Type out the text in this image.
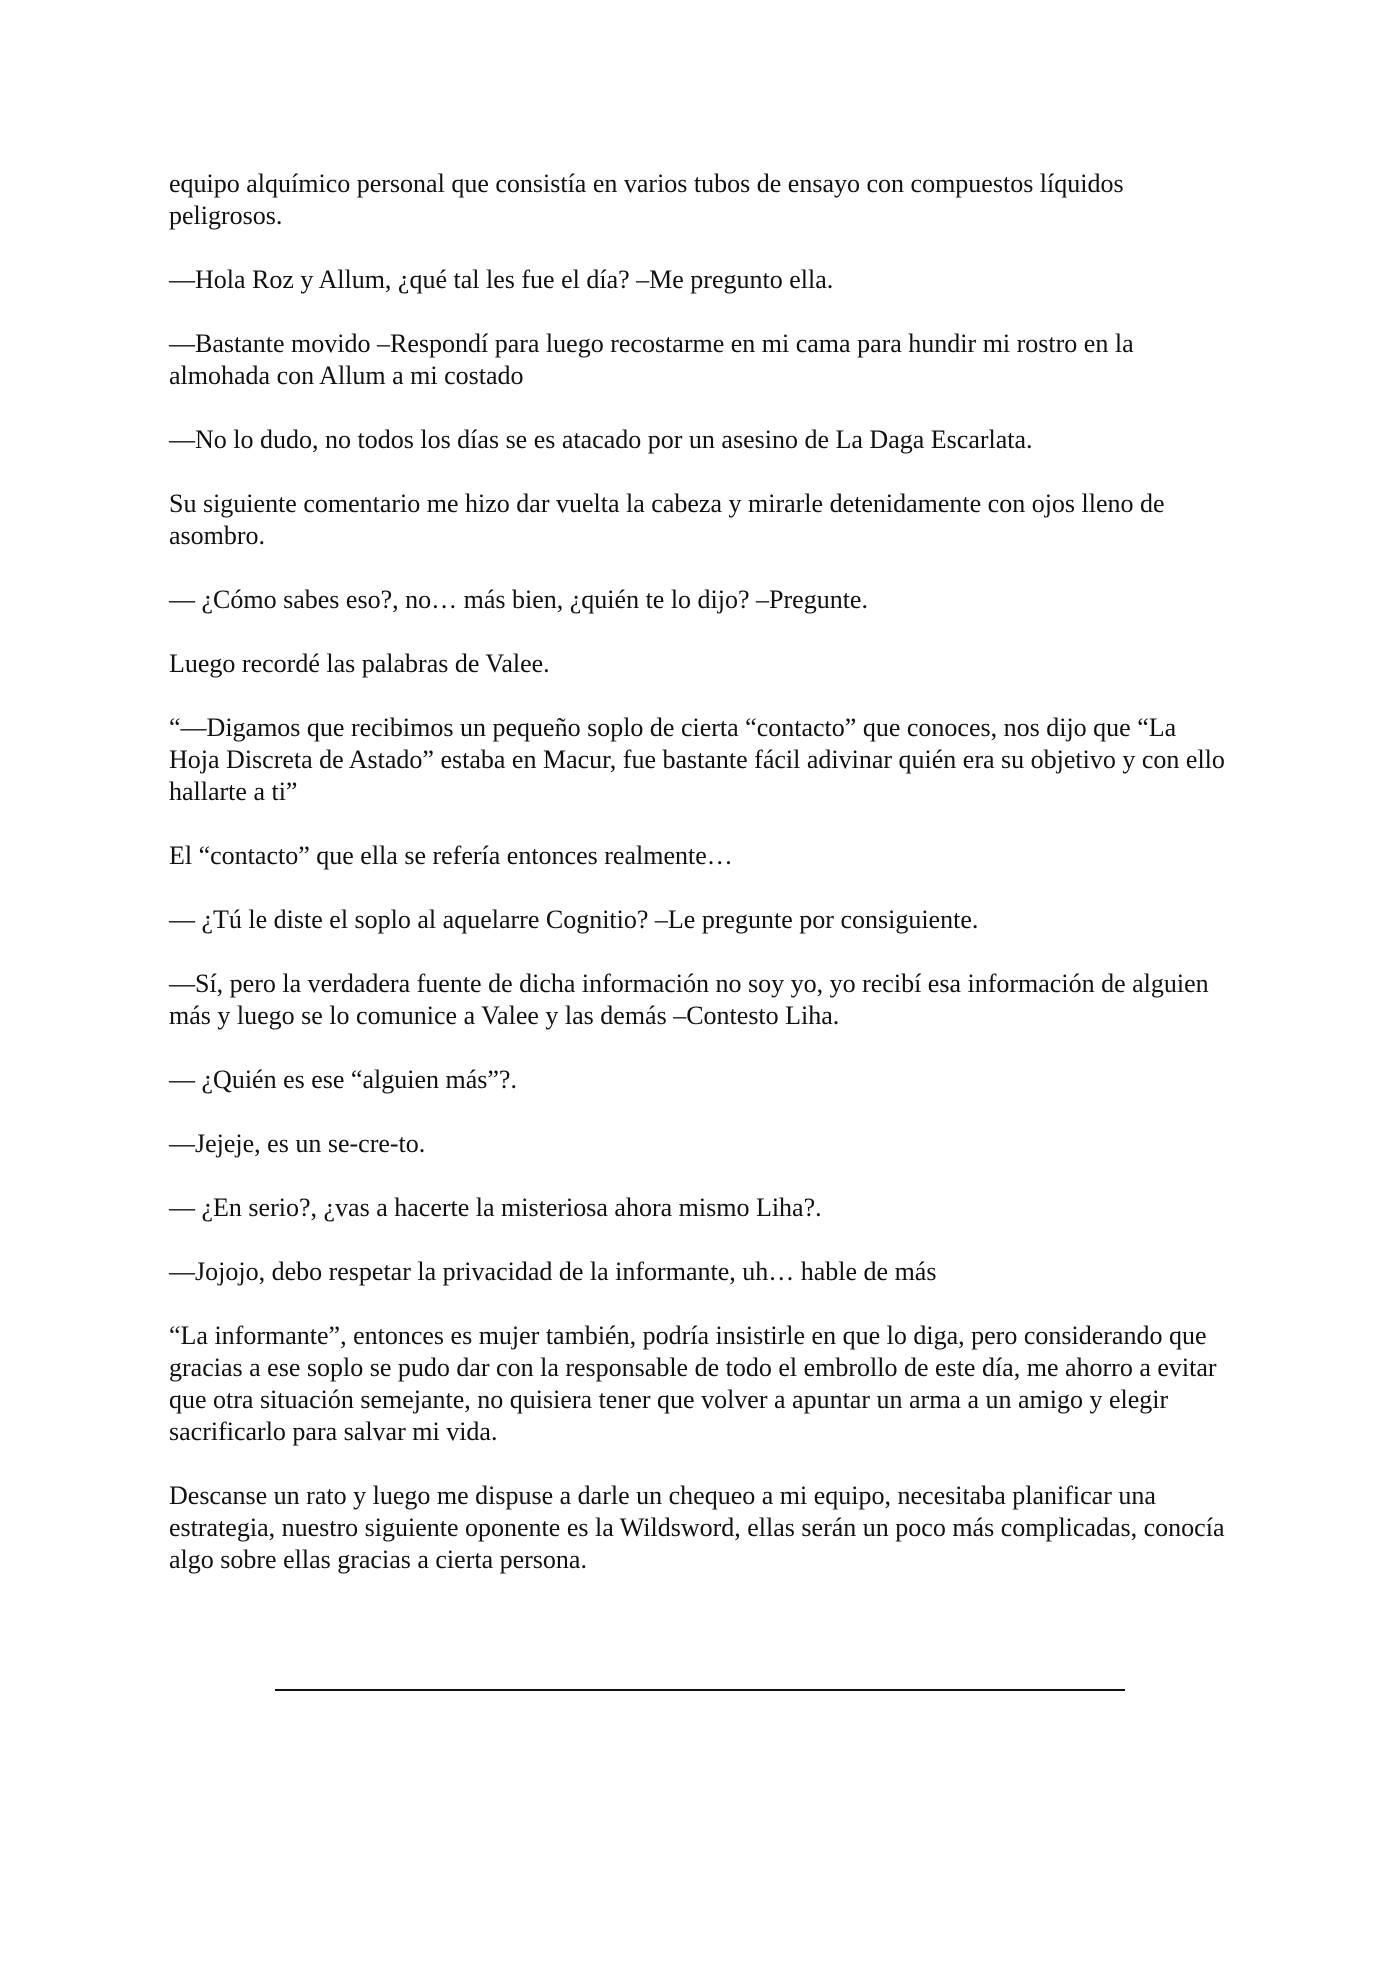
equipo alquímico personal que consistía en varios tubos de ensayo con compuestos líquidos peligrosos.

—Hola Roz y Allum, ¿qué tal les fue el día? –Me pregunto ella.

—Bastante movido –Respondí para luego recostarme en mi cama para hundir mi rostro en la almohada con Allum a mi costado

—No lo dudo, no todos los días se es atacado por un asesino de La Daga Escarlata.

Su siguiente comentario me hizo dar vuelta la cabeza y mirarle detenidamente con ojos lleno de asombro.

— ¿Cómo sabes eso?, no… más bien, ¿quién te lo dijo? –Pregunte.

Luego recordé las palabras de Valee.

“—Digamos que recibimos un pequeño soplo de cierta “contacto” que conoces, nos dijo que “La Hoja Discreta de Astado” estaba en Macur, fue bastante fácil adivinar quién era su objetivo y con ello hallarte a ti”

El “contacto” que ella se refería entonces realmente…

— ¿Tú le diste el soplo al aquelarre Cognitio? –Le pregunte por consiguiente.

—Sí, pero la verdadera fuente de dicha información no soy yo, yo recibí esa información de alguien más y luego se lo comunice a Valee y las demás –Contesto Liha.

— ¿Quién es ese “alguien más”?.

—Jejeje, es un se-cre-to.

— ¿En serio?, ¿vas a hacerte la misteriosa ahora mismo Liha?.

—Jojojo, debo respetar la privacidad de la informante, uh… hable de más

“La informante”, entonces es mujer también, podría insistirle en que lo diga, pero considerando que gracias a ese soplo se pudo dar con la responsable de todo el embrollo de este día, me ahorro a evitar que otra situación semejante, no quisiera tener que volver a apuntar un arma a un amigo y elegir sacrificarlo para salvar mi vida.

Descanse un rato y luego me dispuse a darle un chequeo a mi equipo, necesitaba planificar una estrategia, nuestro siguiente oponente es la Wildsword, ellas serán un poco más complicadas, conocía algo sobre ellas gracias a cierta persona.
